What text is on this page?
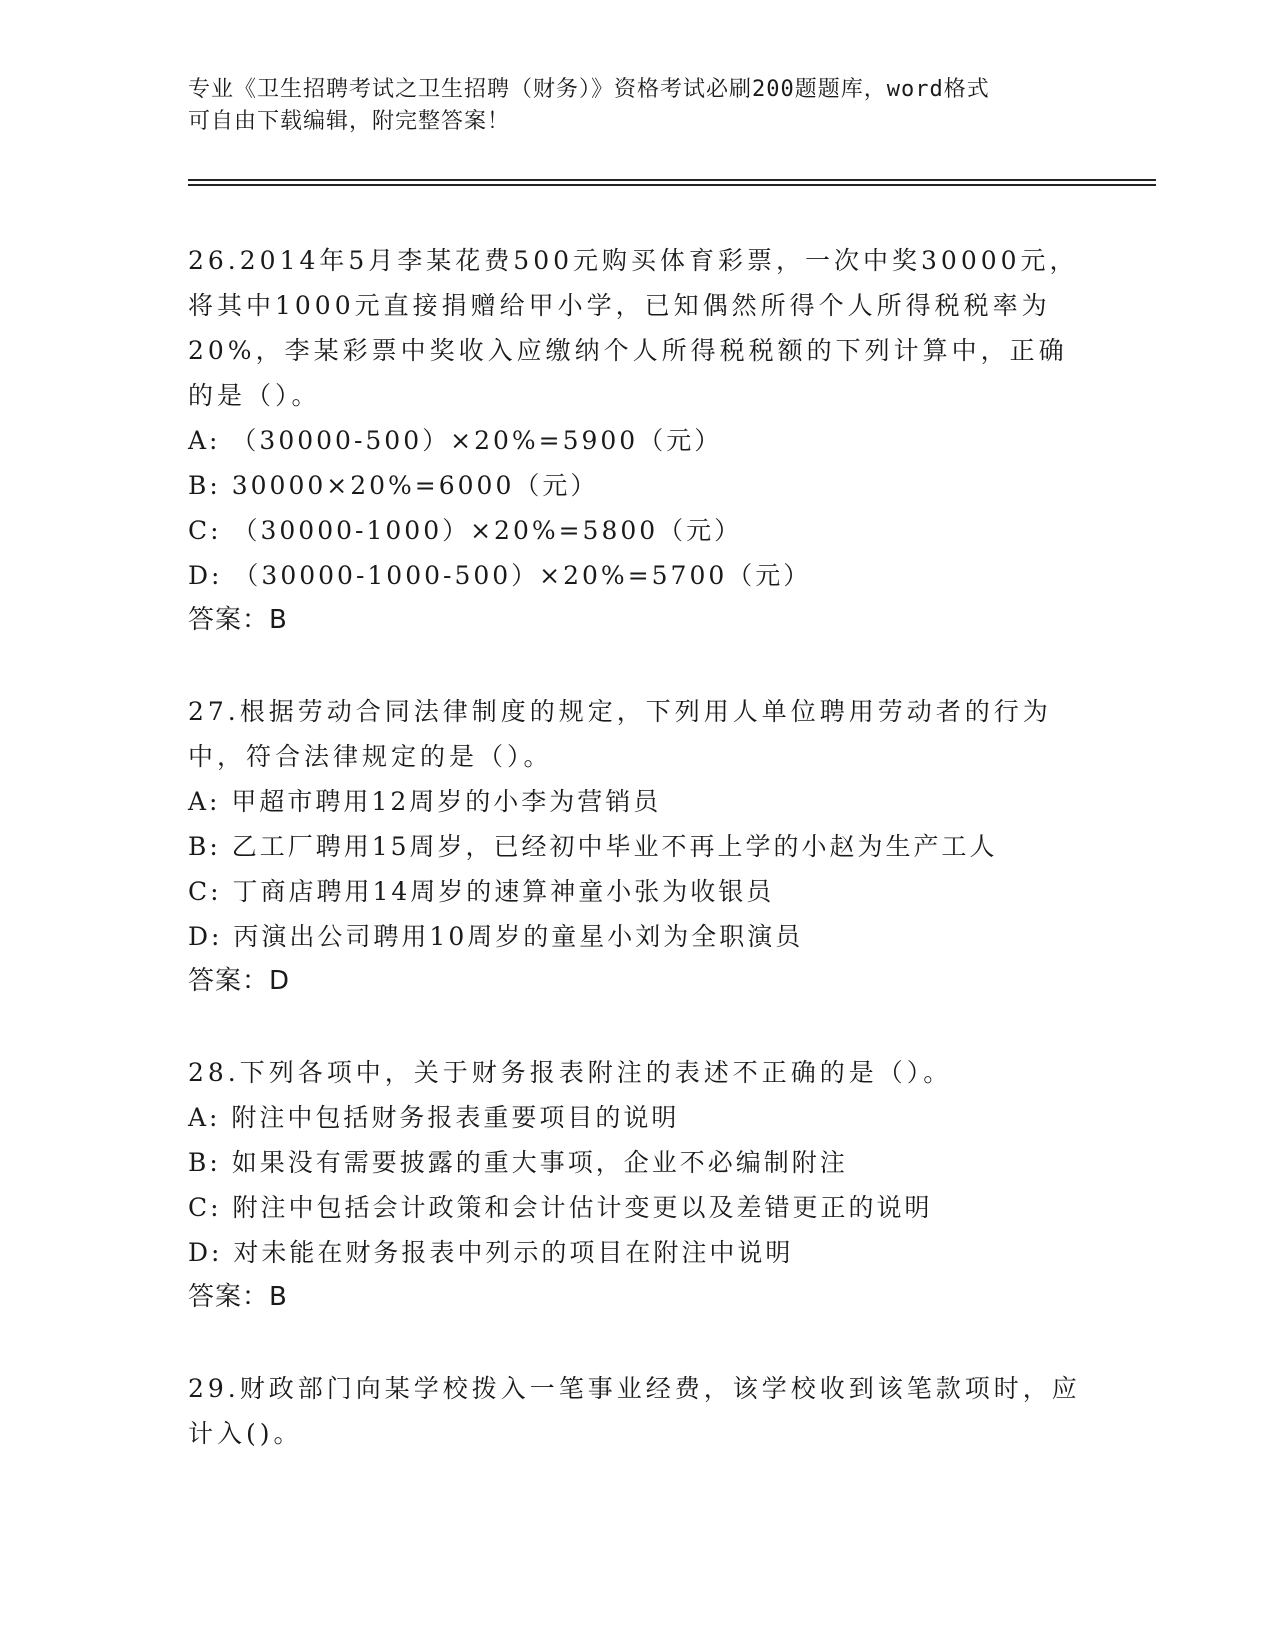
专业《卫生招聘考试之卫生招聘（财务）》资格考试必刷200题题库，word格式
可自由下载编辑，附完整答案！
26.2014年5月李某花费500元购买体育彩票，一次中奖30000元，将其中1000元直接捐赠给甲小学，已知偶然所得个人所得税税率为20%，李某彩票中奖收入应缴纳个人所得税税额的下列计算中，正确的是（）。
A: （30000-500）×20%=5900（元）
B: 30000×20%=6000（元）
C: （30000-1000）×20%=5800（元）
D: （30000-1000-500）×20%=5700（元）
答案：B
27.根据劳动合同法律制度的规定，下列用人单位聘用劳动者的行为中，符合法律规定的是（）。
A: 甲超市聘用12周岁的小李为营销员
B: 乙工厂聘用15周岁，已经初中毕业不再上学的小赵为生产工人
C: 丁商店聘用14周岁的速算神童小张为收银员
D: 丙演出公司聘用10周岁的童星小刘为全职演员
答案：D
28.下列各项中，关于财务报表附注的表述不正确的是（）。
A: 附注中包括财务报表重要项目的说明
B: 如果没有需要披露的重大事项，企业不必编制附注
C: 附注中包括会计政策和会计估计变更以及差错更正的说明
D: 对未能在财务报表中列示的项目在附注中说明
答案：B
29.财政部门向某学校拨入一笔事业经费，该学校收到该笔款项时，应计入()。
